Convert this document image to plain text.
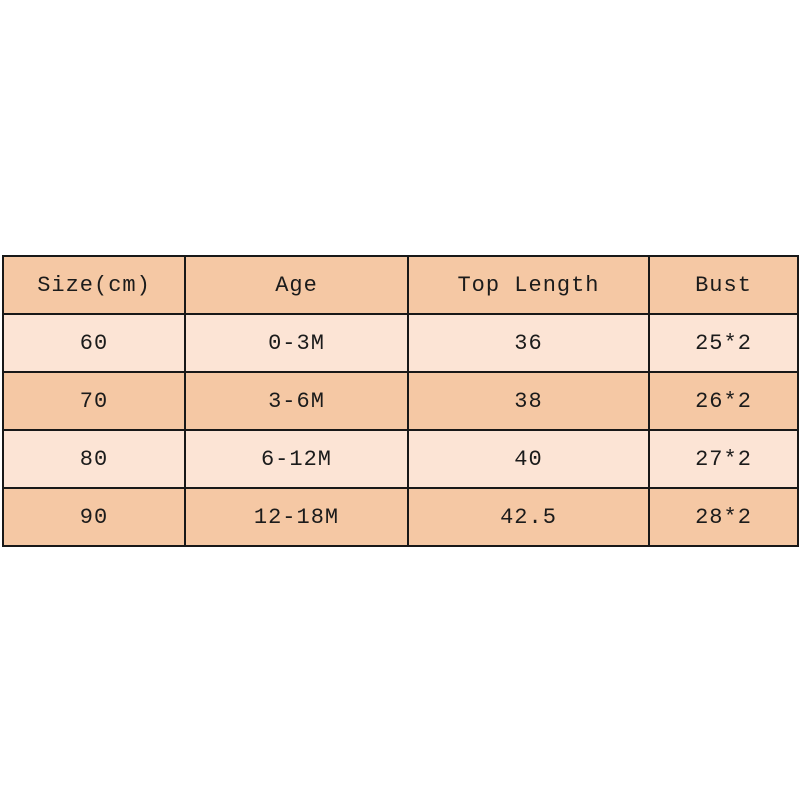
Size(cm)	Age	Top Length	Bust
60	0-3M	36	25*2
70	3-6M	38	26*2
80	6-12M	40	27*2
90	12-18M	42.5	28*2
